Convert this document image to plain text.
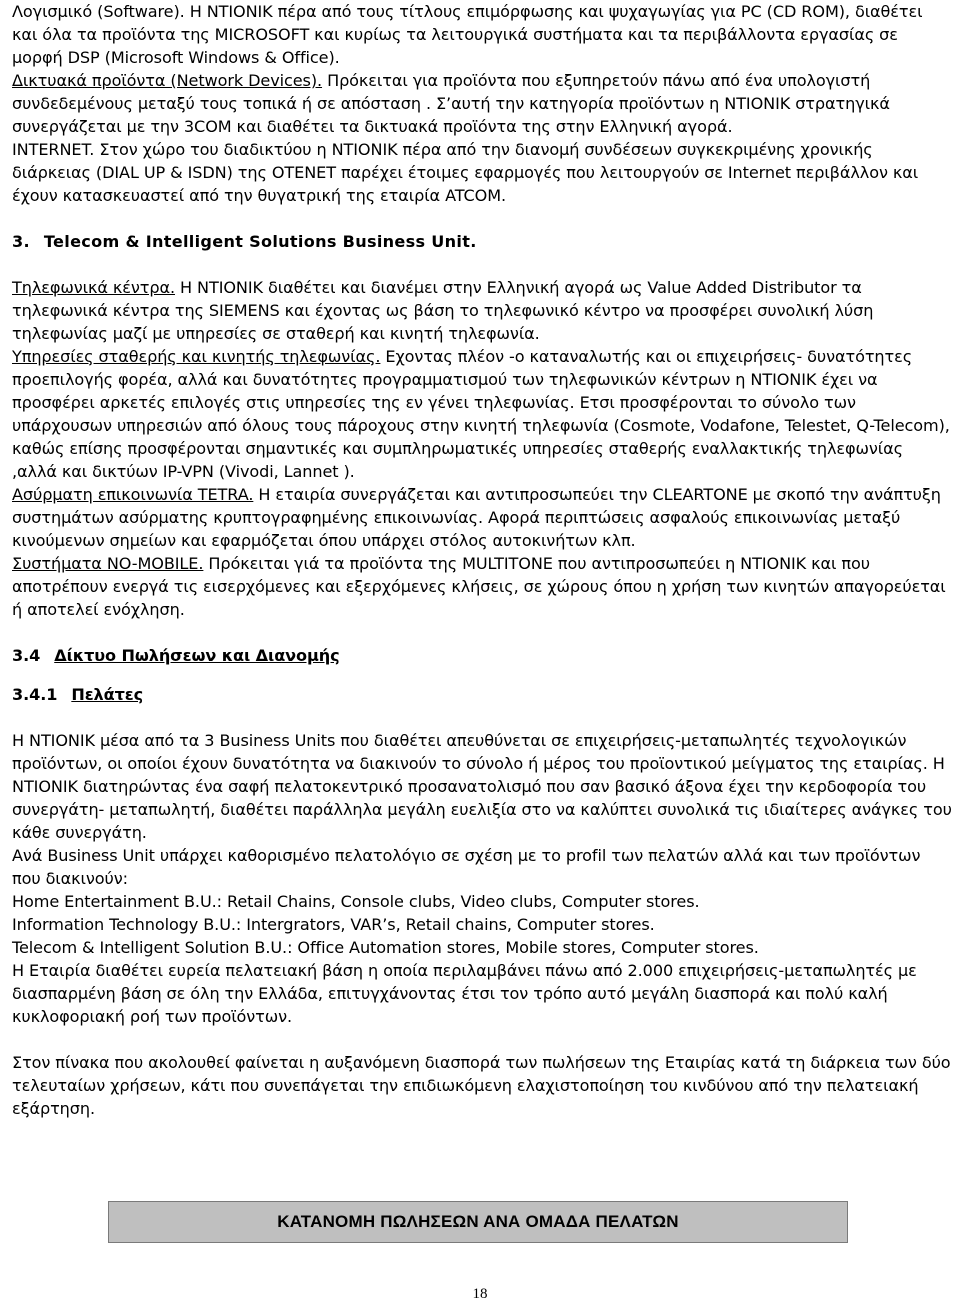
Λογισμικό (Software). Η ΝΤΙΟΝΙΚ πέρα από τους τίτλους επιμόρφωσης και ψυχαγωγίας για PC (CD ROM), διαθέτει και όλα τα προϊόντα της MICROSOFT και κυρίως τα λειτουργικά συστήματα και τα περιβάλλοντα εργασίας σε μορφή DSP (Microsoft Windows & Office).

Δικτυακά προϊόντα (Network Devices). Πρόκειται για προϊόντα που εξυπηρετούν πάνω από ένα υπολογιστή συνδεδεμένους μεταξύ τους τοπικά ή σε απόσταση . Σ’αυτή την κατηγορία προϊόντων η ΝΤΙΟΝΙΚ στρατηγικά συνεργάζεται με την 3COM και διαθέτει τα δικτυακά προϊόντα της στην Ελληνική αγορά.

INTERNET. Στον χώρο του διαδικτύου η ΝΤΙΟΝΙΚ πέρα από την διανομή συνδέσεων συγκεκριμένης χρονικής διάρκειας (DIAL UP & ISDN) της ΟΤΕΝΕΤ παρέχει έτοιμες εφαρμογές που λειτουργούν σε Internet περιβάλλον και έχουν κατασκευαστεί από την θυγατρική της εταιρία ATCOM.

3. Telecom & Intelligent Solutions Business Unit.

Τηλεφωνικά κέντρα. Η ΝΤΙΟΝΙΚ διαθέτει και διανέμει στην Ελληνική αγορά ως Value Added Distributor τα τηλεφωνικά κέντρα της SIEMENS και έχοντας ως βάση το τηλεφωνικό κέντρο να προσφέρει συνολική λύση τηλεφωνίας μαζί με υπηρεσίες σε σταθερή και κινητή τηλεφωνία.

Υπηρεσίες σταθερής και κινητής τηλεφωνίας. Εχοντας πλέον -ο καταναλωτής και οι επιχειρήσεις- δυνατότητες προεπιλογής φορέα, αλλά και δυνατότητες προγραμματισμού των τηλεφωνικών κέντρων η ΝΤΙΟΝΙΚ έχει να προσφέρει αρκετές επιλογές στις υπηρεσίες της εν γένει τηλεφωνίας. Ετσι προσφέρονται το σύνολο των υπάρχουσων υπηρεσιών από όλους τους πάροχους στην κινητή τηλεφωνία (Cosmote, Vodafone, Telestet, Q-Telecom), καθώς επίσης προσφέρονται σημαντικές και συμπληρωματικές υπηρεσίες σταθερής εναλλακτικής τηλεφωνίας ,αλλά και δικτύων IP-VPN (Vivodi, Lannet ).

Ασύρματη επικοινωνία TETRA. Η εταιρία συνεργάζεται και αντιπροσωπεύει την CLEARTONE με σκοπό την ανάπτυξη συστημάτων ασύρματης κρυπτογραφημένης επικοινωνίας. Αφορά περιπτώσεις ασφαλούς επικοινωνίας μεταξύ κινούμενων σημείων και εφαρμόζεται όπου υπάρχει στόλος αυτοκινήτων κλπ.

Συστήματα NO-MOBILE. Πρόκειται γιά τα προϊόντα της MULTITONE που αντιπροσωπεύει η ΝΤΙΟΝΙΚ και που αποτρέπουν ενεργά τις εισερχόμενες και εξερχόμενες κλήσεις, σε χώρους όπου η χρήση των κινητών απαγορεύεται ή αποτελεί ενόχληση.

3.4 Δίκτυο Πωλήσεων και Διανομής

3.4.1 Πελάτες

Η ΝΤΙΟΝΙΚ μέσα από τα 3 Business Units που διαθέτει απευθύνεται σε επιχειρήσεις-μεταπωλητές τεχνολογικών προϊόντων, οι οποίοι έχουν δυνατότητα να διακινούν το σύνολο ή μέρος του προϊοντικού μείγματος της εταιρίας. Η ΝΤΙΟΝΙΚ διατηρώντας ένα σαφή πελατοκεντρικό προσανατολισμό που σαν βασικό άξονα έχει την κερδοφορία του συνεργάτη- μεταπωλητή, διαθέτει παράλληλα μεγάλη ευελιξία στο να καλύπτει συνολικά τις ιδιαίτερες ανάγκες του κάθε συνεργάτη.

Ανά Business Unit υπάρχει καθορισμένο πελατολόγιο σε σχέση με το profil των πελατών αλλά και των προϊόντων που διακινούν:

Home Entertainment B.U.: Retail Chains, Console clubs, Video clubs, Computer stores.

Information Technology B.U.: Intergrators, VAR’s, Retail chains, Computer stores.

Telecom & Intelligent Solution B.U.: Office Automation stores, Mobile stores, Computer stores.

Η Εταιρία διαθέτει ευρεία πελατειακή βάση η οποία περιλαμβάνει πάνω από 2.000 επιχειρήσεις-μεταπωλητές με διασπαρμένη βάση σε όλη την Ελλάδα, επιτυγχάνοντας έτσι τον τρόπο αυτό μεγάλη διασπορά και πολύ καλή κυκλοφοριακή ροή των προϊόντων.

Στον πίνακα που ακολουθεί φαίνεται η αυξανόμενη διασπορά των πωλήσεων της Εταιρίας κατά τη διάρκεια των δύο τελευταίων χρήσεων, κάτι που συνεπάγεται την επιδιωκόμενη ελαχιστοποίηση του κινδύνου από την πελατειακή εξάρτηση.

ΚΑΤΑΝΟΜΗ ΠΩΛΗΣΕΩΝ ΑΝΑ ΟΜΑΔΑ ΠΕΛΑΤΩΝ
18
